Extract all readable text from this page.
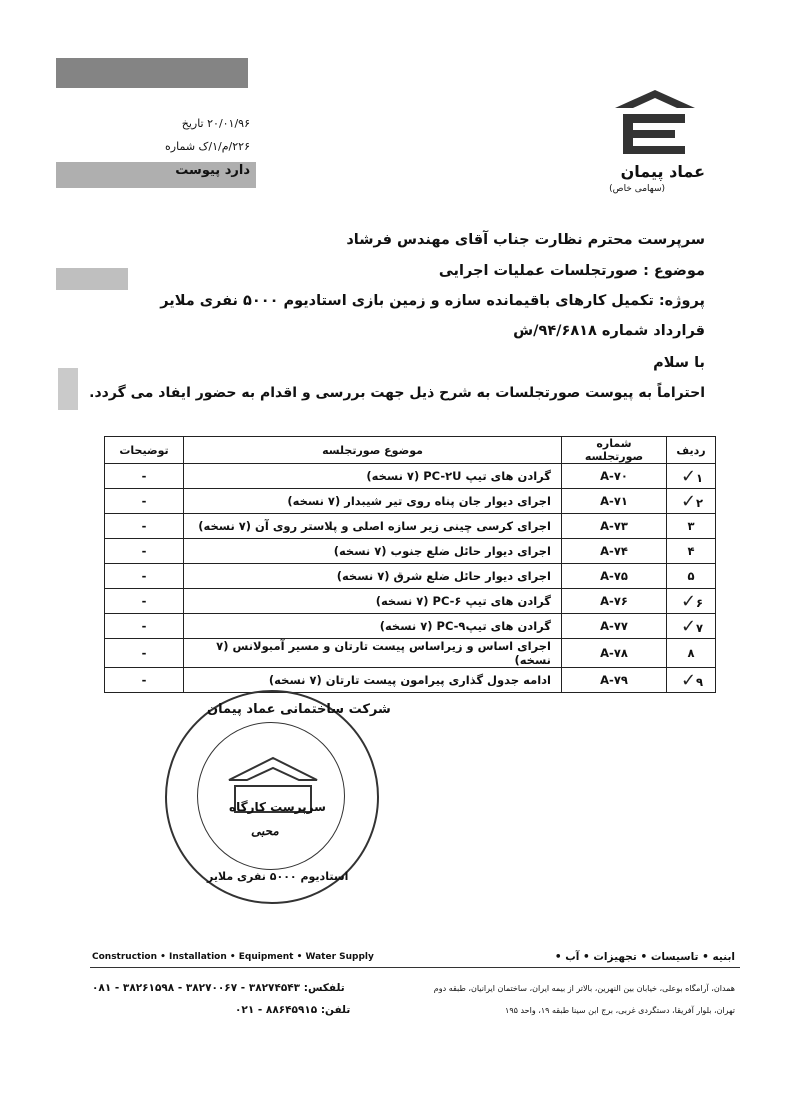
۲۰/۰۱/۹۶ تاریخ
۲۲۶/م/۱/ک شماره
دارد پیوست	عماد پیمان
(سهامی خاص)
سرپرست محترم نظارت جناب آقای مهندس فرشاد
موضوع : صورتجلسات عملیات اجرایی
پروژه: تکمیل کارهای باقیمانده سازه و زمین بازی استادیوم ۵۰۰۰ نفری ملایر
قرارداد شماره ۹۴/۶۸۱۸/ش
با سلام
احتراماً به پیوست صورتجلسات به شرح ذیل جهت بررسی و اقدام به حضور ایفاد می گردد.
ردیف	شماره صورتجلسه	موضوع صورتجلسه	توضیحات
۱✓	A-۷۰	گرادن های تیپ PC-۲U (۷ نسخه)	-
۲✓	A-۷۱	اجرای دیوار جان پناه روی تیر شیبدار (۷ نسخه)	-
۳	A-۷۳	اجرای کرسی چینی زیر سازه اصلی و پلاستر روی آن (۷ نسخه)	-
۴	A-۷۴	اجرای دیوار حائل ضلع جنوب (۷ نسخه)	-
۵	A-۷۵	اجرای دیوار حائل ضلع شرق (۷ نسخه)	-
۶✓	A-۷۶	گرادن های تیپ PC-۶ (۷ نسخه)	-
۷✓	A-۷۷	گرادن های تیپPC-۹ (۷ نسخه)	-
۸	A-۷۸	اجرای اساس و زیراساس پیست تارتان و مسیر آمبولانس (۷ نسخه)	-
۹✓	A-۷۹	ادامه جدول گذاری پیرامون پیست تارتان (۷ نسخه)	-
شرکت ساختمانی عماد پیمان
سرپرست کارگاه
محبی
استادیوم ۵۰۰۰ نفری ملایر
Construction • Installation • Equipment • Water Supply	ابنیه • تاسیسات • تجهیزات • آب •
تلفکس: ۳۸۲۷۴۵۴۳ - ۳۸۲۷۰۰۶۷ - ۳۸۲۶۱۵۹۸ - ۰۸۱	همدان، آرامگاه بوعلی، خیابان بین النهرین، بالاتر از بیمه ایران، ساختمان ایرانیان، طبقه دوم
تلفن: ۸۸۶۴۵۹۱۵ - ۰۲۱	تهران، بلوار آفریقا، دستگردی غربی، برج ابن سینا طبقه ۱۹، واحد ۱۹۵
